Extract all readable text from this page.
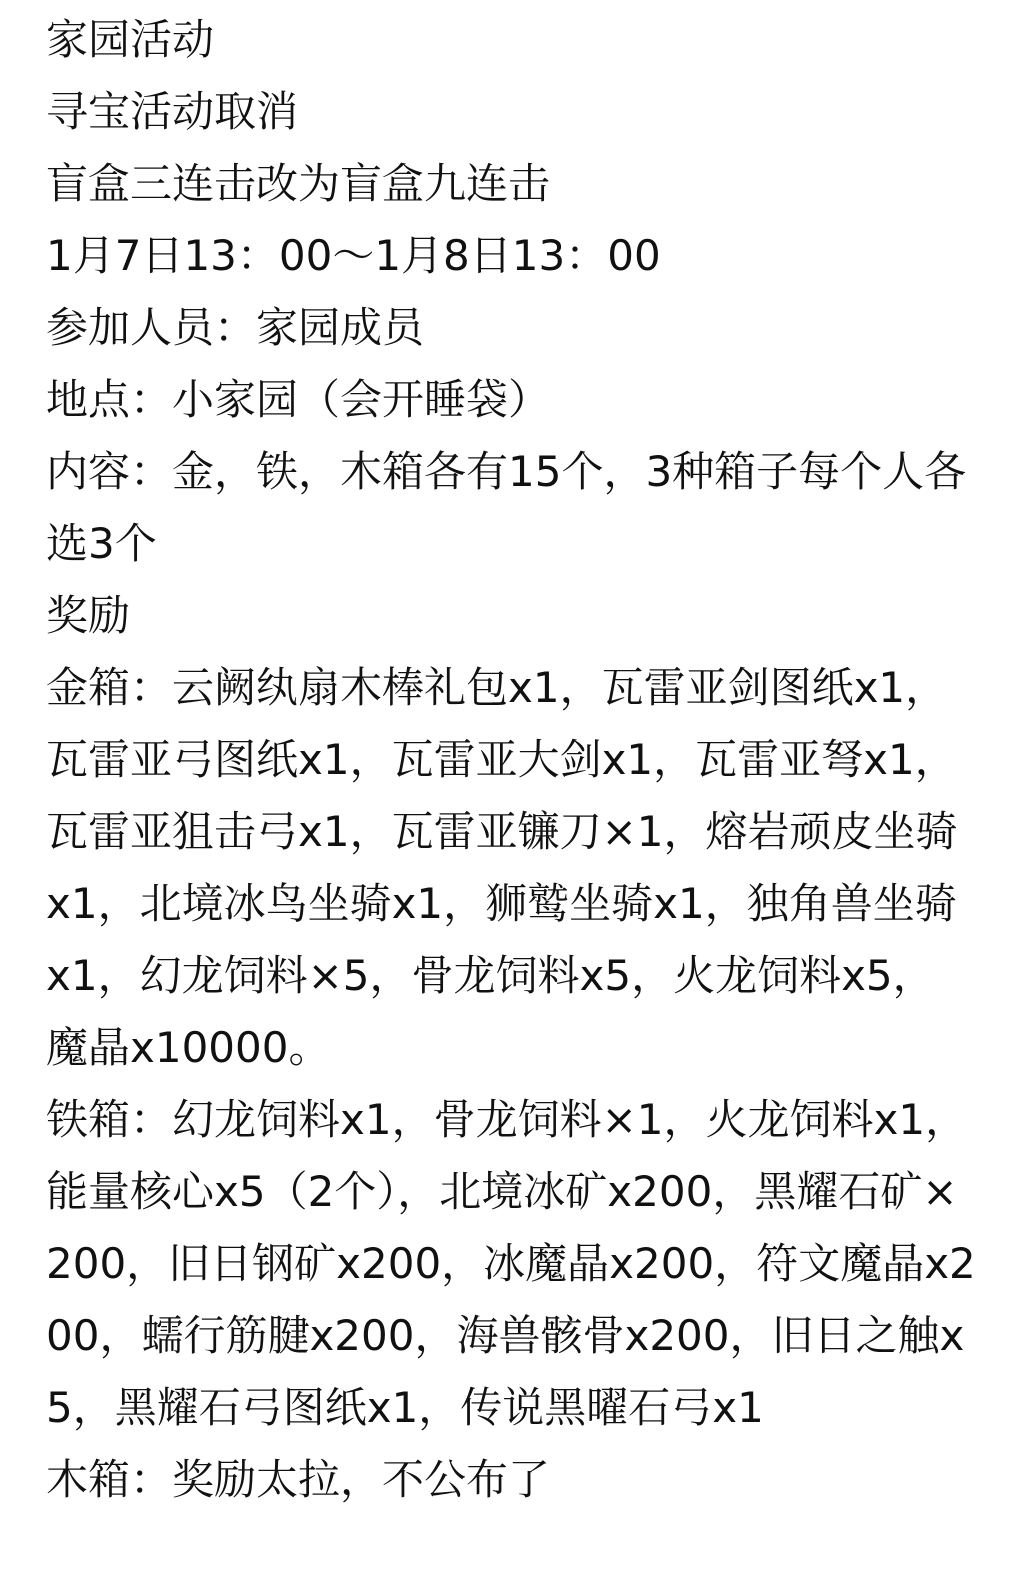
家园活动
寻宝活动取消
盲盒三连击改为盲盒九连击
1月7日13：00～1月8日13：00
参加人员：家园成员
地点：小家园（会开睡袋）
内容：金，铁，木箱各有15个，3种箱子每个人各选3个
奖励
金箱：云阙纨扇木棒礼包x1，瓦雷亚剑图纸x1，瓦雷亚弓图纸x1，瓦雷亚大剑x1，瓦雷亚弩x1，瓦雷亚狙击弓x1，瓦雷亚镰刀×1，熔岩顽皮坐骑x1，北境冰鸟坐骑x1，狮鹫坐骑x1，独角兽坐骑x1，幻龙饲料×5，骨龙饲料x5，火龙饲料x5，魔晶x10000。
铁箱：幻龙饲料x1，骨龙饲料×1，火龙饲料x1，能量核心x5（2个），北境冰矿x200，黑耀石矿×200，旧日钢矿x200，冰魔晶x200，符文魔晶x200，蠕行筋腱x200，海兽骸骨x200，旧日之触x5，黑耀石弓图纸x1，传说黑曜石弓x1
木箱：奖励太拉，不公布了
